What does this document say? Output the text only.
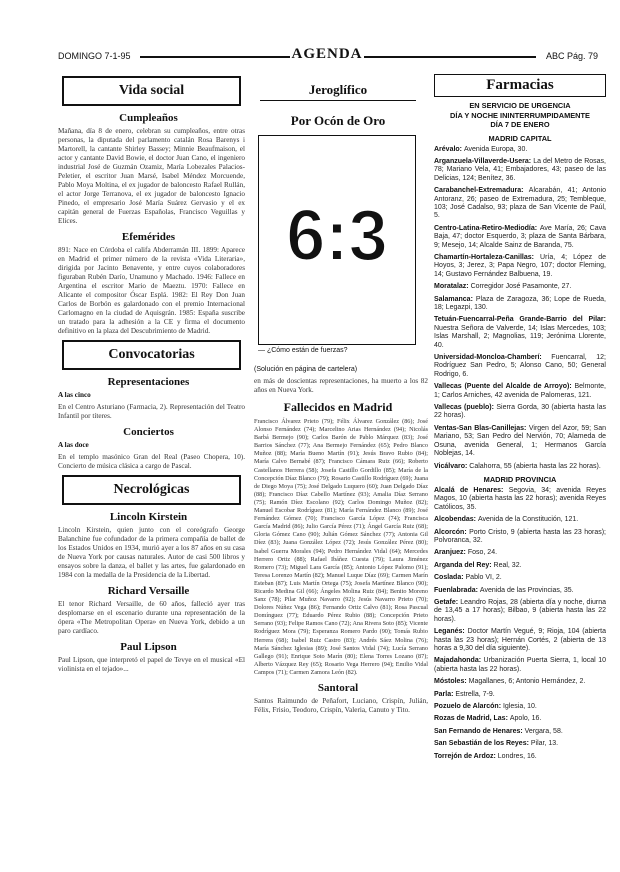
DOMINGO 7-1-95	AGENDA	ABC Pág. 79
Vida social
Cumpleaños
Mañana, día 8 de enero, celebran su cumpleaños, entre otras personas, la diputada del parlamento catalán Rosa Barenys i Martorell, la cantante Shirley Bassey; Minnie Beaufmaison, el actor y cantante David Bowie, el doctor Juan Cano, el ingeniero industrial José de Guzmán Ozamiz, María Lobezales Palacios-Peletier, el escritor Juan Marsé, Isabel Méndez Morcuende, Pablo Moya Moltina, el ex jugador de baloncesto Rafael Rullán, el actor Jorge Terranova, el ex jugador de baloncesto Ignacio Pinedo, el empresario José María Suárez Gervasio y el ex capitán general de Fuerzas Españolas, Francisco Veguillas y Elices.
Efemérides
891: Nace en Córdoba el califa Abderramán III. 1899: Aparece en Madrid el primer número de la revista «Vida Literaria», dirigida por Jacinto Benavente, y entre cuyos colaboradores figuraban Rubén Darío, Unamuno y Machado. 1946: Fallece en Argentina el escritor Mario de Maeztu. 1970: Fallece en Alicante el compositor Óscar Esplá. 1982: El Rey Don Juan Carlos de Borbón es galardonado con el premio Internacional Carlomagno en la ciudad de Aquisgrán. 1985: España suscribe un tratado para la adhesión a la CE y firma el documento definitivo en la plaza del Descubrimiento de Madrid.
Convocatorias
Representaciones
A las cinco
En el Centro Asturiano (Farmacia, 2). Representación del Teatro Infantil por títeres.
Conciertos
A las doce
En el templo masónico Gran del Real (Paseo Chopera, 10). Concierto de música clásica a cargo de Pascal.
Necrológicas
Lincoln Kirstein
Lincoln Kirstein, quien junto con el coreógrafo George Balanchine fue cofundador de la primera compañía de ballet de los Estados Unidos en 1934, murió ayer a los 87 años en su casa de Nueva York por causas naturales. Autor de casi 500 libros y ensayos sobre la danza, el ballet y las artes, fue galardonado en 1984 con la medalla de la Presidencia de la Libertad.
Richard Versaille
El tenor Richard Versaille, de 60 años, falleció ayer tras desplomarse en el escenario durante una representación de la ópera «The Metropolitan Opera» en Nueva York, debido a un paro cardíaco.
Paul Lipson
Paul Lipson, que interpretó el papel de Tevye en el musical «El violinista en el tejado»...
Jeroglífico
Por Ocón de Oro
6:3
— ¿Cómo están de fuerzas?
(Solución en página de cartelera)
en más de doscientas representaciones, ha muerto a los 82 años en Nueva York.
Fallecidos en Madrid
Francisco Álvarez Prieto (79); Félix Álvarez González (86); José Alonso Fernández (74); Marcelino Arias Hernández (94); Nicolás Barbá Bermejo (90); Carlos Barón de Pablo Márquez (83); José Barrios Sánchez (77); Ana Bermejo Fernández (65); Pedro Blanco Muñoz (88); María Bueno Martín (91); Jesús Bravo Rubio (84); María Calvo Bernabé (87); Francisco Cámara Ruiz (66); Roberto Castellanos Herrera (58); Josefa Castillo Gordillo (85); María de la Concepción Díaz Blanco (79); Rosario Castillo Rodríguez (69); Juana de Diego Moya (75); José Delgado Luquero (60); Juan Delgado Díaz (88); Francisco Díaz Cabello Martínez (93); Amalia Díaz Serrano (75); Ramón Díez Escolano (92); Carlos Domingo Muñoz (82); Manuel Escobar Rodríguez (81); María Fernández Blanco (89); José Fernández Gómez (70); Francisco García López (74); Francisca García Madrid (86); Julio García Pérez (71); Ángel García Ruiz (68); Gloria Gómez Cano (90); Julián Gómez Sánchez (77); Antonia Gil Díez (83); Juana González López (72); Jesús González Pérez (80); Isabel Guerra Morales (94); Pedro Hernández Vidal (64); Mercedes Herrero Ortiz (88); Rafael Ibáñez Cuesta (79); Laura Jiménez Romero (73); Miguel Lara García (85); Antonio López Palomo (91); Teresa Lorenzo Martín (82); Manuel Luque Díaz (69); Carmen Marín Esteban (87); Luis Martín Ortega (75); Josefa Martínez Blanco (90); Ricardo Medina Gil (66); Ángeles Molina Ruiz (84); Benito Moreno Sanz (78); Pilar Muñoz Navarro (92); Jesús Navarro Prieto (70); Dolores Núñez Vega (86); Fernando Ortiz Calvo (81); Rosa Pascual Domínguez (77); Eduardo Pérez Rubio (88); Concepción Prieto Serrano (93); Felipe Ramos Cano (72); Ana Rivera Soto (85); Vicente Rodríguez Mora (79); Esperanza Romero Pardo (90); Tomás Rubio Herrera (68); Isabel Ruiz Castro (83); Andrés Sáez Molina (76); María Sánchez Iglesias (89); José Santos Vidal (74); Lucía Serrano Gallego (91); Enrique Soto Marín (80); Elena Torres Lozano (87); Alberto Vázquez Rey (65); Rosario Vega Herrero (94); Emilio Vidal Campos (71); Carmen Zamora León (82).
Santoral
Santos Raimundo de Peñafort, Luciano, Crispín, Julián, Félix, Frisio, Teodoro, Crispín, Valeria, Canuto y Tito.
Farmacias
EN SERVICIO DE URGENCIA
DÍA Y NOCHE ININTERRUMPIDAMENTE
DÍA 7 DE ENERO
MADRID CAPITAL
Arévalo: Avenida Europa, 30.
Arganzuela-Villaverde-Usera: La del Metro de Rosas, 78; Mariano Vela, 41; Embajadores, 43; paseo de las Delicias, 124; Benítez, 36.
Carabanchel-Extremadura: Alcarabán, 41; Antonio Antoranz, 26; paseo de Extremadura, 25; Tembleque, 103; José Cadalso, 93; plaza de San Vicente de Paúl, 5.
Centro-Latina-Retiro-Mediodía: Ave María, 26; Cava Baja, 47; doctor Esquerdo, 3; plaza de Santa Bárbara, 9; Mesejo, 14; Alcalde Sainz de Baranda, 75.
Chamartín-Hortaleza-Canillas: Uría, 4; López de Hoyos, 3; Jerez, 3; Papa Negro, 107; doctor Fleming, 14; Gustavo Fernández Balbuena, 19.
Moratalaz: Corregidor José Pasamonte, 27.
Salamanca: Plaza de Zaragoza, 36; Lope de Rueda, 18; Legazpi, 130.
Tetuán-Fuencarral-Peña Grande-Barrio del Pilar: Nuestra Señora de Valverde, 14; Islas Mercedes, 103; Islas Marshall, 2; Magnolias, 119; Jerónima Llorente, 40.
Universidad-Moncloa-Chamberí: Fuencarral, 12; Rodríguez San Pedro, 5; Alonso Cano, 50; General Rodrigo, 6.
Vallecas (Puente del Alcalde de Arroyo): Belmonte, 1; Carlos Arniches, 42 avenida de Palomeras, 121.
Vallecas (pueblo): Sierra Gorda, 30 (abierta hasta las 22 horas).
Ventas-San Blas-Canillejas: Virgen del Azor, 59; San Mariano, 53; San Pedro del Nervión, 70; Alameda de Osuna, avenida General, 1; Hermanos García Noblejas, 14.
Vicálvaro: Calahorra, 55 (abierta hasta las 22 horas).
MADRID PROVINCIA
Alcalá de Henares: Segovia, 34; avenida Reyes Magos, 10 (abierta hasta las 22 horas); avenida Reyes Católicos, 35.
Alcobendas: Avenida de la Constitución, 121.
Alcorcón: Porto Cristo, 9 (abierta hasta las 23 horas); Polvoranca, 32.
Aranjuez: Foso, 24.
Arganda del Rey: Real, 32.
Coslada: Pablo VI, 2.
Fuenlabrada: Avenida de las Provincias, 35.
Getafe: Leandro Rojas, 28 (abierta día y noche, diurna de 13,45 a 17 horas); Bilbao, 9 (abierta hasta las 22 horas).
Leganés: Doctor Martín Vegué, 9; Rioja, 104 (abierta hasta las 23 horas); Hernán Cortés, 2 (abierta de 13 horas a 9,30 del día siguiente).
Majadahonda: Urbanización Puerta Sierra, 1, local 10 (abierta hasta las 22 horas).
Móstoles: Magallanes, 6; Antonio Hernández, 2.
Parla: Estrella, 7-9.
Pozuelo de Alarcón: Iglesia, 10.
Rozas de Madrid, Las: Apolo, 16.
San Fernando de Henares: Vergara, 58.
San Sebastián de los Reyes: Pilar, 13.
Torrejón de Ardoz: Londres, 16.
